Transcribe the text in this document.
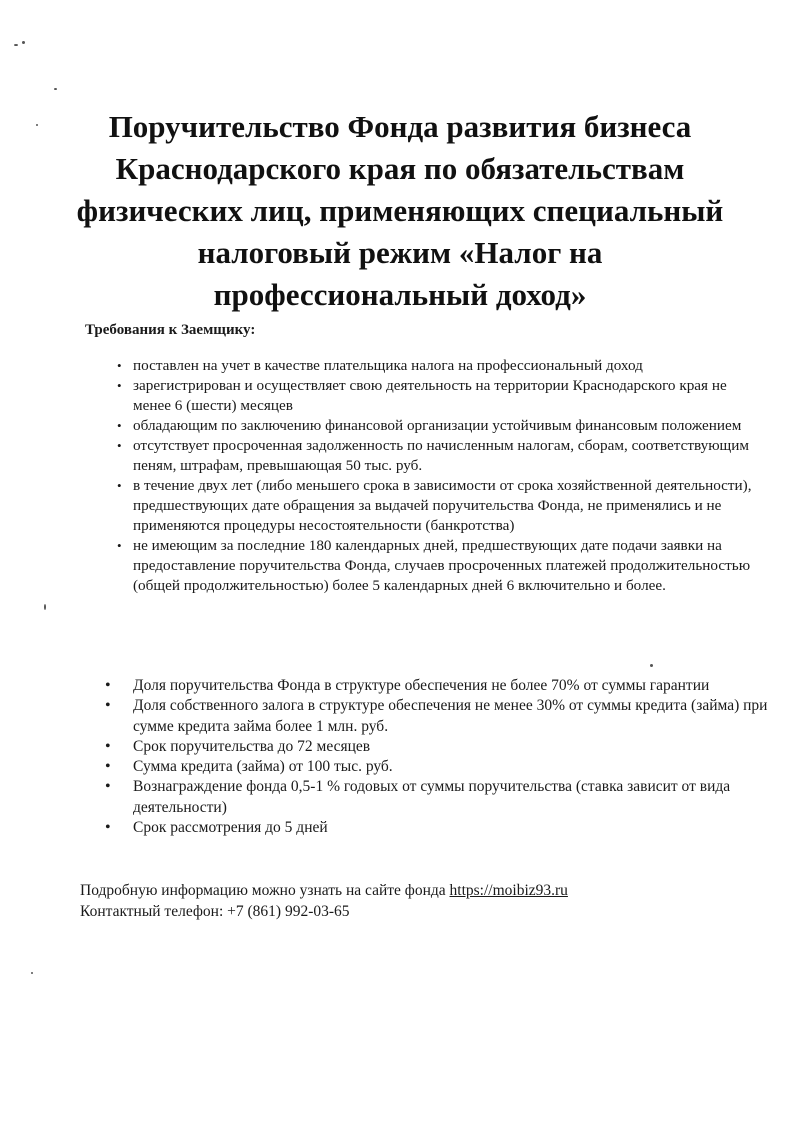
Поручительство Фонда развития бизнеса Краснодарского края по обязательствам физических лиц, применяющих специальный налоговый режим «Налог на профессиональный доход»

Требования к Заемщику:

• поставлен на учет в качестве плательщика налога на профессиональный доход
• зарегистрирован и осуществляет свою деятельность на территории Краснодарского края не менее 6 (шести) месяцев
• обладающим по заключению финансовой организации устойчивым финансовым положением
• отсутствует просроченная задолженность по начисленным налогам, сборам, соответствующим пеням, штрафам, превышающая 50 тыс. руб.
• в течение двух лет (либо меньшего срока в зависимости от срока хозяйственной деятельности), предшествующих дате обращения за выдачей поручительства Фонда, не применялись и не применяются процедуры несостоятельности (банкротства)
• не имеющим за последние 180 календарных дней, предшествующих дате подачи заявки на предоставление поручительства Фонда, случаев просроченных платежей продолжительностью (общей продолжительностью) более 5 календарных дней 6 включительно и более.
• Доля поручительства Фонда в структуре обеспечения не более 70% от суммы гарантии
• Доля собственного залога в структуре обеспечения не менее 30% от суммы кредита (займа) при сумме кредита займа более 1 млн. руб.
• Срок поручительства до 72 месяцев
• Сумма кредита (займа) от 100 тыс. руб.
• Вознаграждение фонда 0,5-1 % годовых от суммы поручительства (ставка зависит от вида деятельности)
• Срок рассмотрения до 5 дней

Подробную информацию можно узнать на сайте фонда https://moibiz93.ru

Контактный телефон: +7 (861) 992-03-65
